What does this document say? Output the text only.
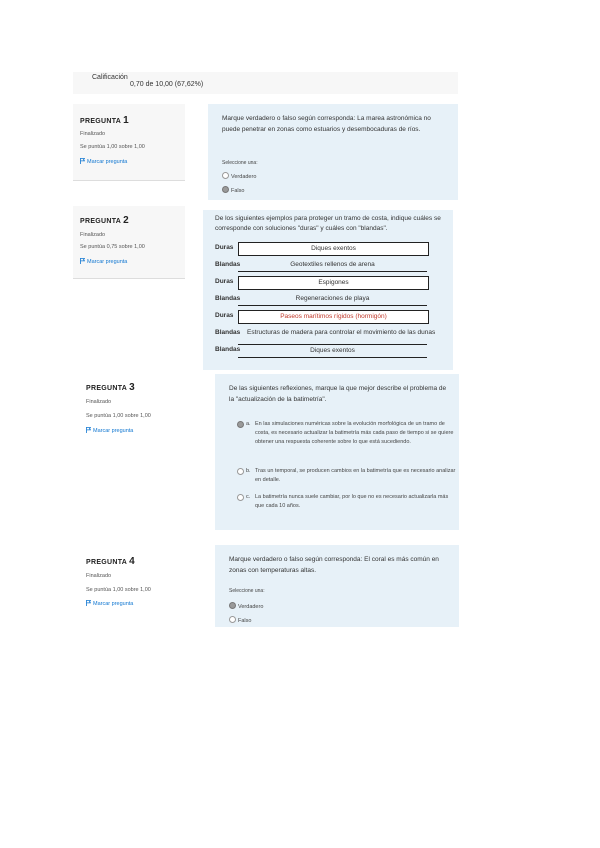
Calificación
0,70 de 10,00 (67,62%)
PREGUNTA 1
Finalizado
Se puntúa 1,00 sobre 1,00
Marcar pregunta
Marque verdadero o falso según corresponda: La marea astronómica no puede penetrar en zonas como estuarios y desembocaduras de ríos.
Seleccione una:
Verdadero
Falso
PREGUNTA 2
Finalizado
Se puntúa 0,75 sobre 1,00
Marcar pregunta
De los siguientes ejemplos para proteger un tramo de costa, indique cuáles se corresponde con soluciones "duras" y cuáles con "blandas".
Duras	Diques exentos
Blandas	Geotextiles rellenos de arena
Duras	Espigones
Blandas	Regeneraciones de playa
Duras	Paseos marítimos rígidos (hormigón)
Blandas Estructuras de madera para controlar el movimiento de las dunas
Blandas	Diques exentos
PREGUNTA 3
Finalizado
Se puntúa 1,00 sobre 1,00
Marcar pregunta
De las siguientes reflexiones, marque la que mejor describe el problema de la "actualización de la batimetría".
a. En las simulaciones numéricas sobre la evolución morfológica de un tramo de costa, es necesario actualizar la batimetría más cada paso de tiempo si se quiere obtener una respuesta coherente sobre lo que está sucediendo.
b. Tras un temporal, se producen cambios en la batimetría que es necesario analizar en detalle.
c. La batimetría nunca suele cambiar, por lo que no es necesario actualizarla más que cada 10 años.
PREGUNTA 4
Finalizado
Se puntúa 1,00 sobre 1,00
Marcar pregunta
Marque verdadero o falso según corresponda: El coral es más común en zonas con temperaturas altas.
Seleccione una:
Verdadero
Falso
